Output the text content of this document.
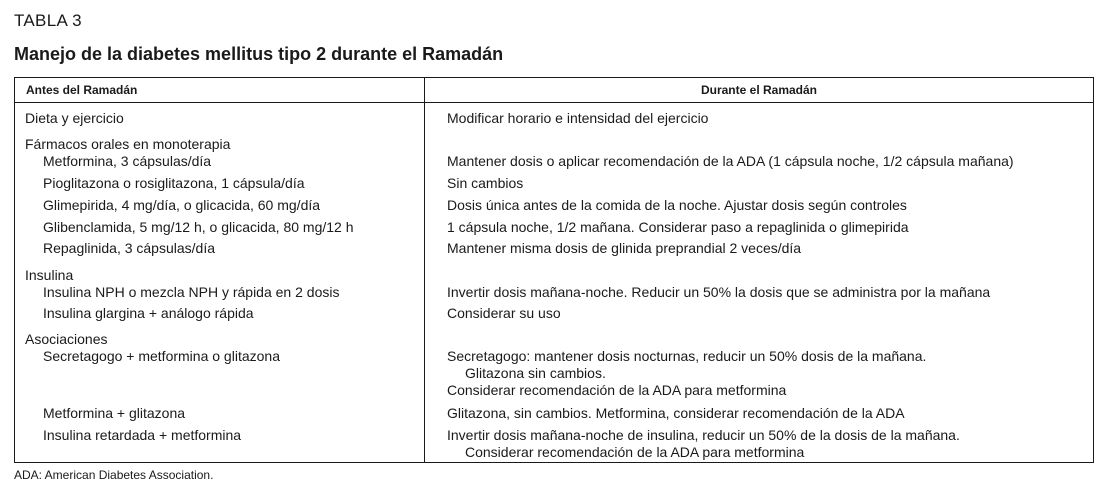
TABLA 3
Manejo de la diabetes mellitus tipo 2 durante el Ramadán
Antes del Ramadán	Durante el Ramadán
Dieta y ejercicio	Modificar horario e intensidad del ejercicio
Fármacos orales en monoterapia
Metformina, 3 cápsulas/día	Mantener dosis o aplicar recomendación de la ADA (1 cápsula noche, 1/2 cápsula mañana)
Pioglitazona o rosiglitazona, 1 cápsula/día	Sin cambios
Glimepirida, 4 mg/día, o glicacida, 60 mg/día	Dosis única antes de la comida de la noche. Ajustar dosis según controles
Glibenclamida, 5 mg/12 h, o glicacida, 80 mg/12 h	1 cápsula noche, 1/2 mañana. Considerar paso a repaglinida o glimepirida
Repaglinida, 3 cápsulas/día	Mantener misma dosis de glinida preprandial 2 veces/día
Insulina
Insulina NPH o mezcla NPH y rápida en 2 dosis	Invertir dosis mañana-noche. Reducir un 50% la dosis que se administra por la mañana
Insulina glargina + análogo rápida	Considerar su uso
Asociaciones
Secretagogo + metformina o glitazona	Secretagogo: mantener dosis nocturnas, reducir un 50% dosis de la mañana.
Glitazona sin cambios.
Considerar recomendación de la ADA para metformina
Metformina + glitazona	Glitazona, sin cambios. Metformina, considerar recomendación de la ADA
Insulina retardada + metformina	Invertir dosis mañana-noche de insulina, reducir un 50% de la dosis de la mañana.
Considerar recomendación de la ADA para metformina
ADA: American Diabetes Association.
